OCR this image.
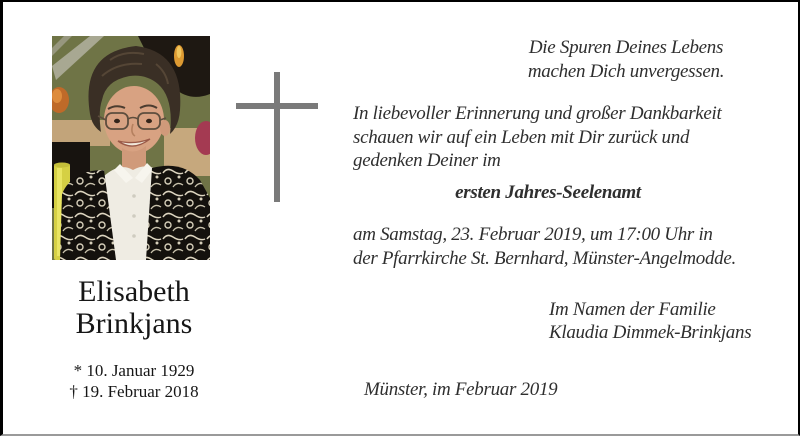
Elisabeth
Brinkjans
* 10. Januar 1929
† 19. Februar 2018
Die Spuren Deines Lebens
machen Dich unvergessen.
In liebevoller Erinnerung und großer Dankbarkeit
schauen wir auf ein Leben mit Dir zurück und
gedenken Deiner im
ersten Jahres-Seelenamt
am Samstag, 23. Februar 2019, um 17:00 Uhr in
der Pfarrkirche St. Bernhard, Münster-Angelmodde.
Im Namen der Familie
Klaudia Dimmek-Brinkjans
Münster, im Februar 2019
